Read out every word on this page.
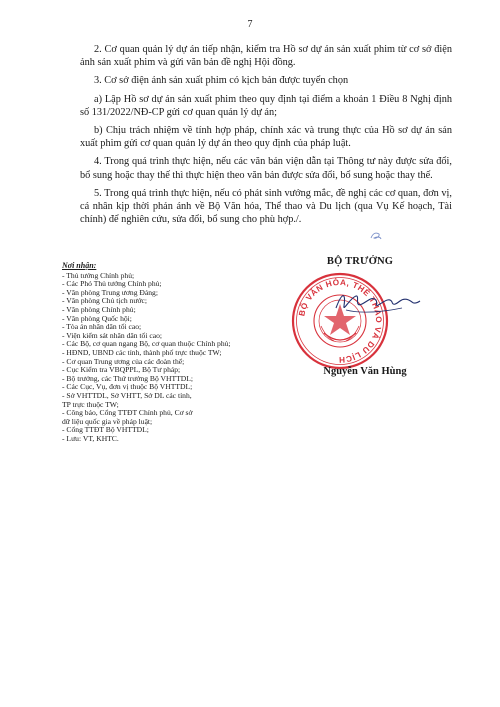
7

2. Cơ quan quản lý dự án tiếp nhận, kiểm tra Hồ sơ dự án sản xuất phim từ cơ sở điện ảnh sản xuất phim và gửi văn bản đề nghị Hội đồng.

3. Cơ sở điện ảnh sản xuất phim có kịch bản được tuyển chọn

a) Lập Hồ sơ dự án sản xuất phim theo quy định tại điểm a khoản 1 Điều 8 Nghị định số 131/2022/NĐ-CP gửi cơ quan quản lý dự án;

b) Chịu trách nhiệm về tính hợp pháp, chính xác và trung thực của Hồ sơ dự án sản xuất phim gửi cơ quan quản lý dự án theo quy định của pháp luật.

4. Trong quá trình thực hiện, nếu các văn bản viện dẫn tại Thông tư này được sửa đổi, bổ sung hoặc thay thế thì thực hiện theo văn bản được sửa đổi, bổ sung hoặc thay thế.

5. Trong quá trình thực hiện, nếu có phát sinh vướng mắc, đề nghị các cơ quan, đơn vị, cá nhân kịp thời phản ánh về Bộ Văn hóa, Thể thao và Du lịch (qua Vụ Kế hoạch, Tài chính) để nghiên cứu, sửa đổi, bổ sung cho phù hợp./.

Nơi nhận:
- Thủ tướng Chính phủ;
- Các Phó Thủ tướng Chính phủ;
- Văn phòng Trung ương Đảng;
- Văn phòng Chủ tịch nước;
- Văn phòng Chính phủ;
- Văn phòng Quốc hội;
- Tòa án nhân dân tối cao;
- Viện kiểm sát nhân dân tối cao;
- Các Bộ, cơ quan ngang Bộ, cơ quan thuộc Chính phủ;
- HĐND, UBND các tỉnh, thành phố trực thuộc TW;
- Cơ quan Trung ương của các đoàn thể;
- Cục Kiểm tra VBQPPL, Bộ Tư pháp;
- Bộ trưởng, các Thứ trưởng Bộ VHTTDL;
- Các Cục, Vụ, đơn vị thuộc Bộ VHTTDL;
- Sở VHTTDL, Sở VHTT, Sở DL các tỉnh,
TP trực thuộc TW;
- Công báo, Cổng TTĐT Chính phủ, Cơ sở
dữ liệu quốc gia về pháp luật;
- Cổng TTĐT Bộ VHTTDL;
- Lưu: VT, KHTC.
BỘ TRƯỞNG
BỘ VĂN HÓA, THỂ THAO VÀ DU LỊCH
Nguyễn Văn Hùng
